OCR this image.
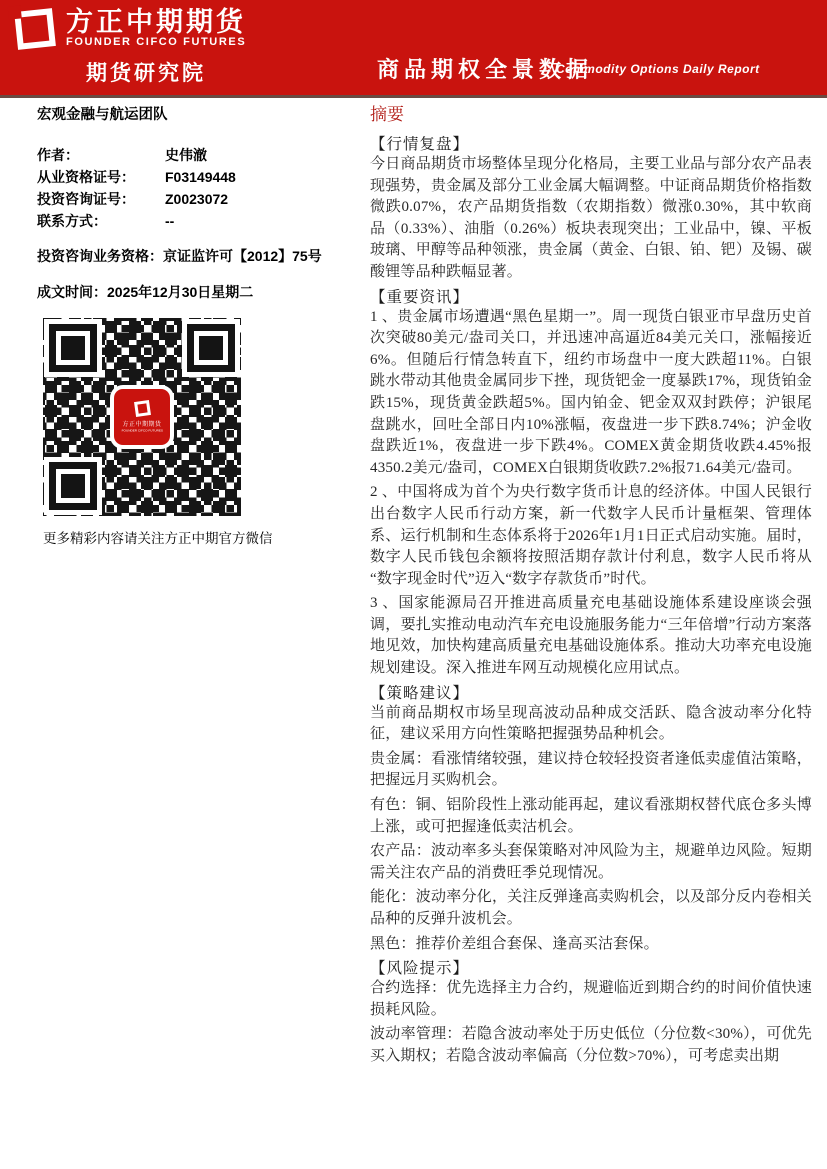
方正中期期货
FOUNDER CIFCO FUTURES
期货研究院	商品期权全景数据
Commodity Options Daily Report
宏观金融与航运团队
作者：	史伟澈
从业资格证号：	F03149448
投资咨询证号：	Z0023072
联系方式：	--
投资咨询业务资格：京证监许可【2012】75号
成文时间：2025年12月30日星期二
方正中期期货
FOUNDER CIFCO FUTURES
更多精彩内容请关注方正中期官方微信
摘要
【行情复盘】

今日商品期货市场整体呈现分化格局，主要工业品与部分农产品表现强势，贵金属及部分工业金属大幅调整。中证商品期货价格指数微跌0.07%，农产品期货指数（农期指数）微涨0.30%，其中软商品（0.33%）、油脂（0.26%）板块表现突出；工业品中，镍、平板玻璃、甲醇等品种领涨，贵金属（黄金、白银、铂、钯）及锡、碳酸锂等品种跌幅显著。

【重要资讯】

1 、贵金属市场遭遇“黑色星期一”。周一现货白银亚市早盘历史首次突破80美元/盎司关口，并迅速冲高逼近84美元关口，涨幅接近6%。但随后行情急转直下，纽约市场盘中一度大跌超11%。白银跳水带动其他贵金属同步下挫，现货钯金一度暴跌17%，现货铂金跌15%，现货黄金跌超5%。国内铂金、钯金双双封跌停；沪银尾盘跳水，回吐全部日内10%涨幅，夜盘进一步下跌8.74%；沪金收盘跌近1%，夜盘进一步下跌4%。COMEX黄金期货收跌4.45%报4350.2美元/盎司，COMEX白银期货收跌7.2%报71.64美元/盎司。

2 、中国将成为首个为央行数字货币计息的经济体。中国人民银行出台数字人民币行动方案，新一代数字人民币计量框架、管理体系、运行机制和生态体系将于2026年1月1日正式启动实施。届时，数字人民币钱包余额将按照活期存款计付利息，数字人民币将从“数字现金时代”迈入“数字存款货币”时代。

3 、国家能源局召开推进高质量充电基础设施体系建设座谈会强调，要扎实推动电动汽车充电设施服务能力“三年倍增”行动方案落地见效，加快构建高质量充电基础设施体系。推动大功率充电设施规划建设。深入推进车网互动规模化应用试点。

【策略建议】

当前商品期权市场呈现高波动品种成交活跃、隐含波动率分化特征，建议采用方向性策略把握强势品种机会。

贵金属：看涨情绪较强，建议持仓较轻投资者逢低卖虚值沽策略，把握远月买购机会。

有色：铜、铝阶段性上涨动能再起，建议看涨期权替代底仓多头博上涨，或可把握逢低卖沽机会。

农产品：波动率多头套保策略对冲风险为主，规避单边风险。短期需关注农产品的消费旺季兑现情况。

能化：波动率分化，关注反弹逢高卖购机会，以及部分反内卷相关品种的反弹升波机会。

黑色：推荐价差组合套保、逢高买沽套保。

【风险提示】

合约选择：优先选择主力合约，规避临近到期合约的时间价值快速损耗风险。

波动率管理：若隐含波动率处于历史低位（分位数<30%），可优先买入期权；若隐含波动率偏高（分位数>70%），可考虑卖出期
